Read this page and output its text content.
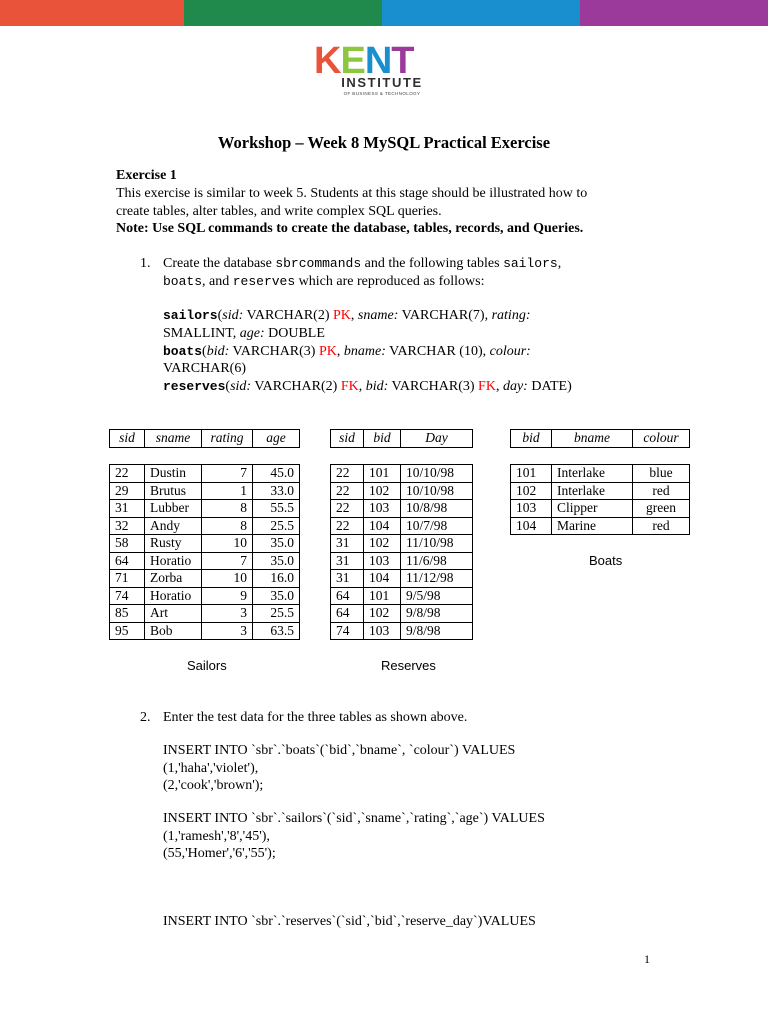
K E N T
INSTITUTE
OF BUSINESS & TECHNOLOGY
Workshop – Week 8 MySQL Practical Exercise
Exercise 1
This exercise is similar to week 5. Students at this stage should be illustrated how to
create tables, alter tables, and write complex SQL queries.
Note: Use SQL commands to create the database, tables, records, and Queries.
1. Create the database sbrcommands and the following tables sailors,
boats, and reserves which are reproduced as follows:
sailors(sid: VARCHAR(2) PK, sname: VARCHAR(7), rating:
SMALLINT, age: DOUBLE
boats(bid: VARCHAR(3) PK, bname: VARCHAR (10), colour:
VARCHAR(6)
reserves(sid: VARCHAR(2) FK, bid: VARCHAR(3) FK, day: DATE)
sid	sname	rating	age
22	Dustin	7	45.0
29	Brutus	1	33.0
31	Lubber	8	55.5
32	Andy	8	25.5
58	Rusty	10	35.0
64	Horatio	7	35.0
71	Zorba	10	16.0
74	Horatio	9	35.0
85	Art	3	25.5
95	Bob	3	63.5
Sailors
sid	bid	Day
22	101	10/10/98
22	102	10/10/98
22	103	10/8/98
22	104	10/7/98
31	102	11/10/98
31	103	11/6/98
31	104	11/12/98
64	101	9/5/98
64	102	9/8/98
74	103	9/8/98
Reserves
bid	bname	colour
101	Interlake	blue
102	Interlake	red
103	Clipper	green
104	Marine	red
Boats
2. Enter the test data for the three tables as shown above.
INSERT INTO `sbr`.`boats`(`bid`,`bname`, `colour`) VALUES
(1,'haha','violet'),
(2,'cook','brown');
INSERT INTO `sbr`.`sailors`(`sid`,`sname`,`rating`,`age`) VALUES
(1,'ramesh','8','45'),
(55,'Homer','6','55');
INSERT INTO `sbr`.`reserves`(`sid`,`bid`,`reserve_day`)VALUES
1
